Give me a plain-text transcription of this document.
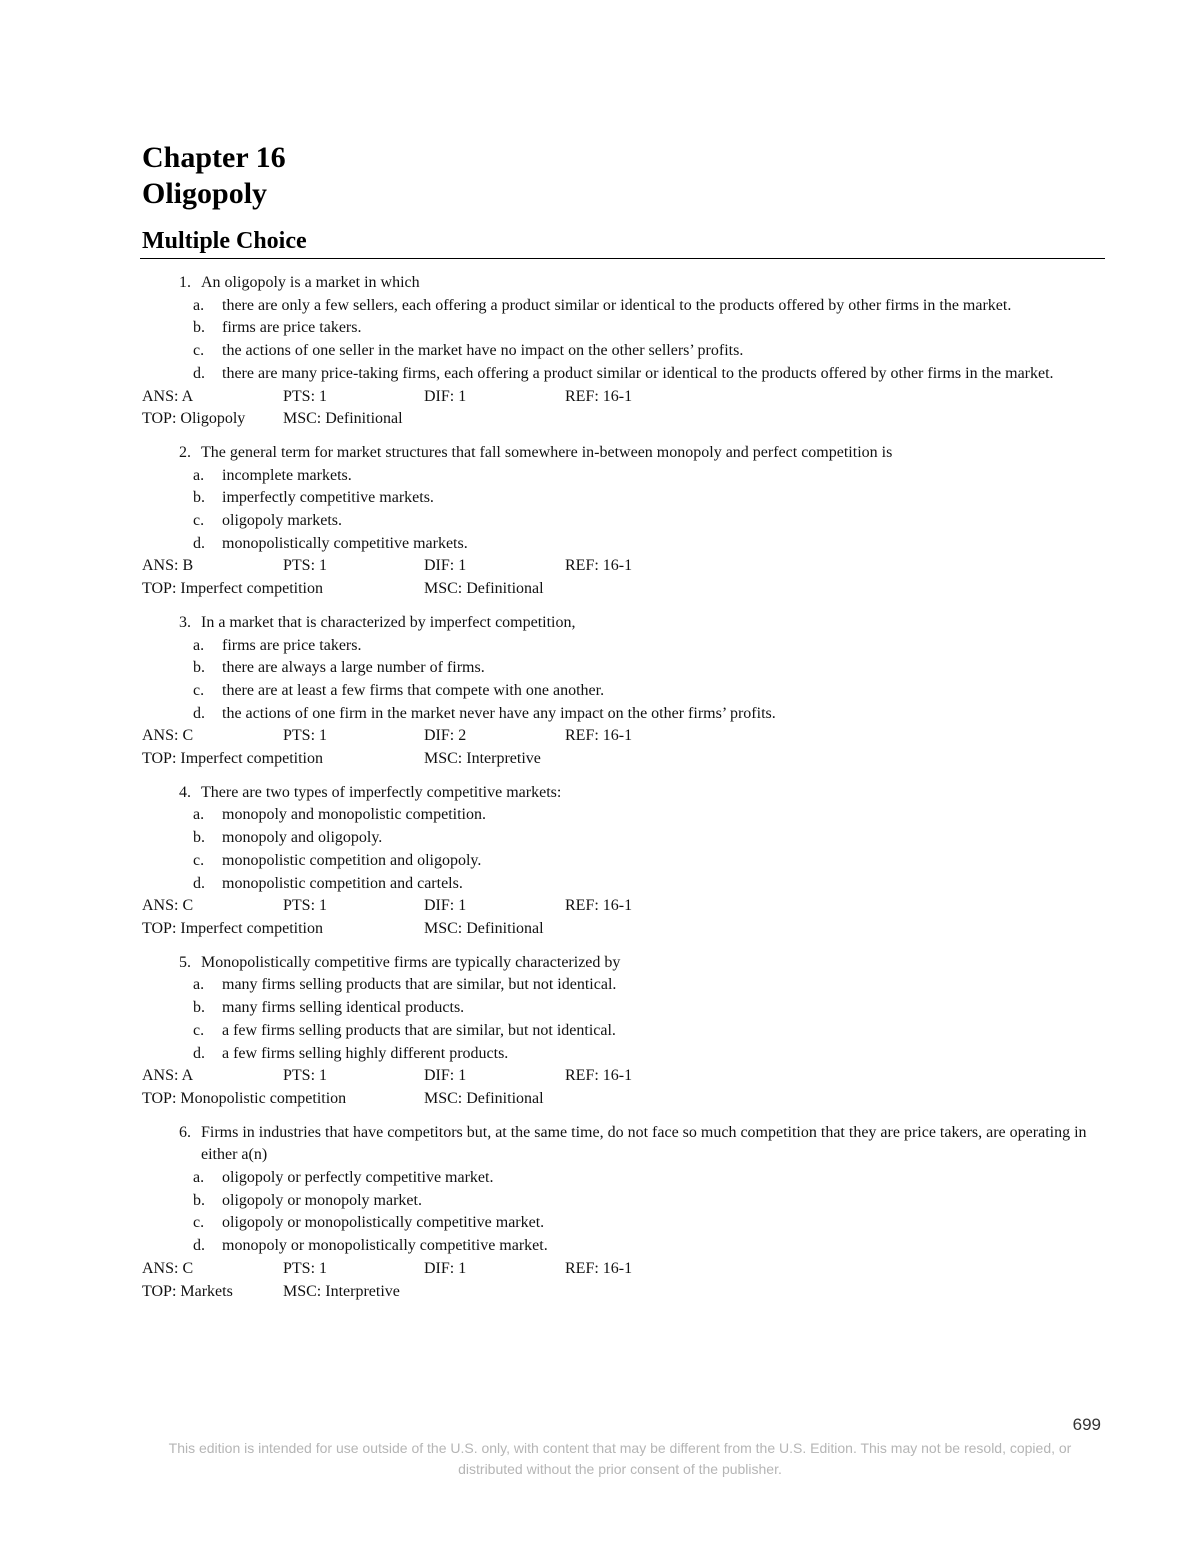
Chapter 16
Oligopoly
Multiple Choice
1. An oligopoly is a market in which
a.	there are only a few sellers, each offering a product similar or identical to the products offered by other firms in the market.
b.	firms are price takers.
c.	the actions of one seller in the market have no impact on the other sellers’ profits.
d.	there are many price-taking firms, each offering a product similar or identical to the products offered by other firms in the market.
ANS: A	PTS: 1	DIF: 1	REF: 16-1
TOP: Oligopoly	MSC: Definitional
2. The general term for market structures that fall somewhere in-between monopoly and perfect competition is
a.	incomplete markets.
b.	imperfectly competitive markets.
c.	oligopoly markets.
d.	monopolistically competitive markets.
ANS: B	PTS: 1	DIF: 1	REF: 16-1
TOP: Imperfect competition	MSC: Definitional
3. In a market that is characterized by imperfect competition,
a.	firms are price takers.
b.	there are always a large number of firms.
c.	there are at least a few firms that compete with one another.
d.	the actions of one firm in the market never have any impact on the other firms’ profits.
ANS: C	PTS: 1	DIF: 2	REF: 16-1
TOP: Imperfect competition	MSC: Interpretive
4. There are two types of imperfectly competitive markets:
a.	monopoly and monopolistic competition.
b.	monopoly and oligopoly.
c.	monopolistic competition and oligopoly.
d.	monopolistic competition and cartels.
ANS: C	PTS: 1	DIF: 1	REF: 16-1
TOP: Imperfect competition	MSC: Definitional
5. Monopolistically competitive firms are typically characterized by
a.	many firms selling products that are similar, but not identical.
b.	many firms selling identical products.
c.	a few firms selling products that are similar, but not identical.
d.	a few firms selling highly different products.
ANS: A	PTS: 1	DIF: 1	REF: 16-1
TOP: Monopolistic competition	MSC: Definitional
6. Firms in industries that have competitors but, at the same time, do not face so much competition that they are price takers, are operating in either a(n)
a.	oligopoly or perfectly competitive market.
b.	oligopoly or monopoly market.
c.	oligopoly or monopolistically competitive market.
d.	monopoly or monopolistically competitive market.
ANS: C	PTS: 1	DIF: 1	REF: 16-1
TOP: Markets	MSC: Interpretive
699
This edition is intended for use outside of the U.S. only, with content that may be different from the U.S. Edition. This may not be resold, copied, or distributed without the prior consent of the publisher.
